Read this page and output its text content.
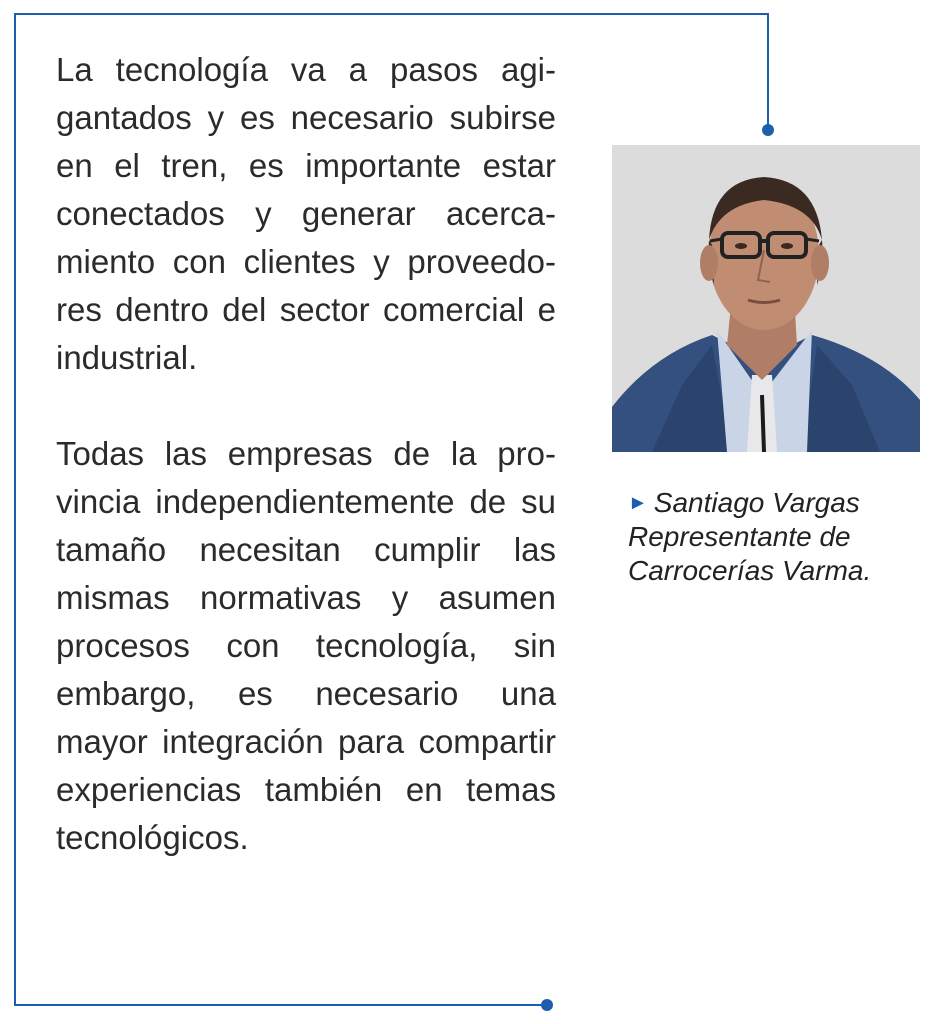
La tecnología va a pasos agigantados y es necesario subirse en el tren, es importante estar conectados y generar acercamiento con clientes y proveedores dentro del sector comercial e industrial.

Todas las empresas de la provincia independientemente de su tamaño necesitan cumplir las mismas normativas y asumen procesos con tecnología, sin embargo, es necesario una mayor integración para compartir experiencias también en temas tecnológicos.

► Santiago Vargas
Representante de
Carrocerías Varma.
